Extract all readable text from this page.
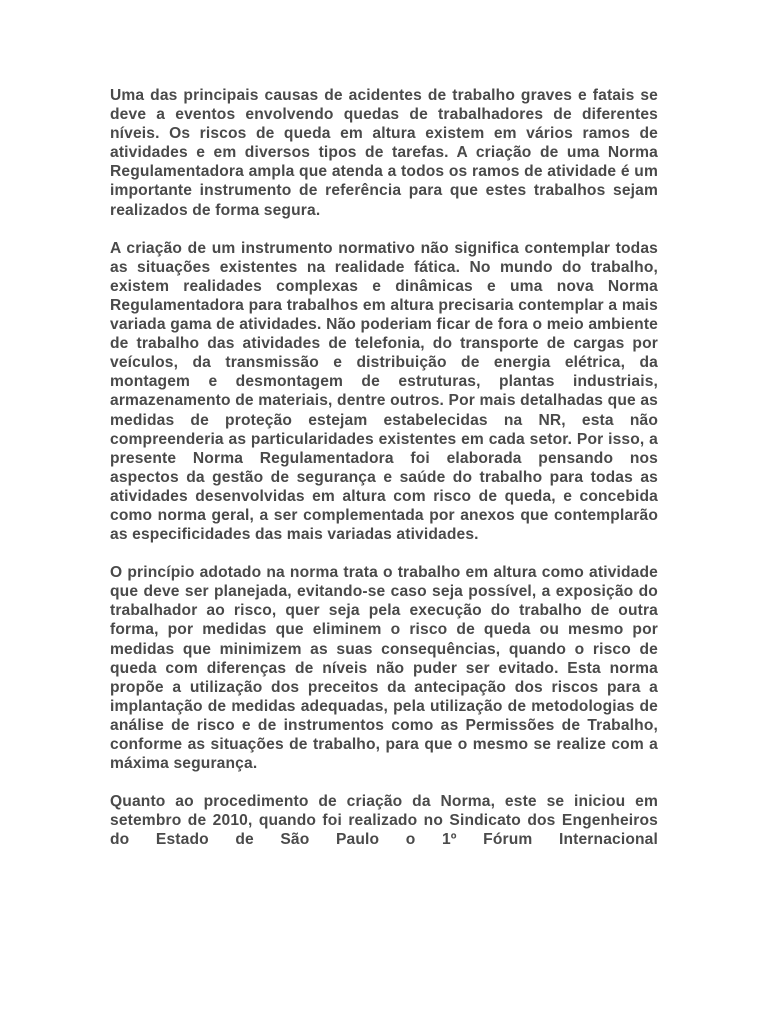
Uma das principais causas de acidentes de trabalho graves e fatais se deve a eventos envolvendo quedas de trabalhadores de diferentes níveis. Os riscos de queda em altura existem em vários ramos de atividades e em diversos tipos de tarefas. A criação de uma Norma Regulamentadora ampla que atenda a todos os ramos de atividade é um importante instrumento de referência para que estes trabalhos sejam realizados de forma segura.

A criação de um instrumento normativo não significa contemplar todas as situações existentes na realidade fática. No mundo do trabalho, existem realidades complexas e dinâmicas e uma nova Norma Regulamentadora para trabalhos em altura precisaria contemplar a mais variada gama de atividades. Não poderiam ficar de fora o meio ambiente de trabalho das atividades de telefonia, do transporte de cargas por veículos, da transmissão e distribuição de energia elétrica, da montagem e desmontagem de estruturas, plantas industriais, armazenamento de materiais, dentre outros. Por mais detalhadas que as medidas de proteção estejam estabelecidas na NR, esta não compreenderia as particularidades existentes em cada setor. Por isso, a presente Norma Regulamentadora foi elaborada pensando nos aspectos da gestão de segurança e saúde do trabalho para todas as atividades desenvolvidas em altura com risco de queda, e concebida como norma geral, a ser complementada por anexos que contemplarão as especificidades das mais variadas atividades.

O princípio adotado na norma trata o trabalho em altura como atividade que deve ser planejada, evitando-se caso seja possível, a exposição do trabalhador ao risco, quer seja pela execução do trabalho de outra forma, por medidas que eliminem o risco de queda ou mesmo por medidas que minimizem as suas consequências, quando o risco de queda com diferenças de níveis não puder ser evitado. Esta norma propõe a utilização dos preceitos da antecipação dos riscos para a implantação de medidas adequadas, pela utilização de metodologias de análise de risco e de instrumentos como as Permissões de Trabalho, conforme as situações de trabalho, para que o mesmo se realize com a máxima segurança.

Quanto ao procedimento de criação da Norma, este se iniciou em setembro de 2010, quando foi realizado no Sindicato dos Engenheiros do Estado de São Paulo o 1º Fórum Internacional
